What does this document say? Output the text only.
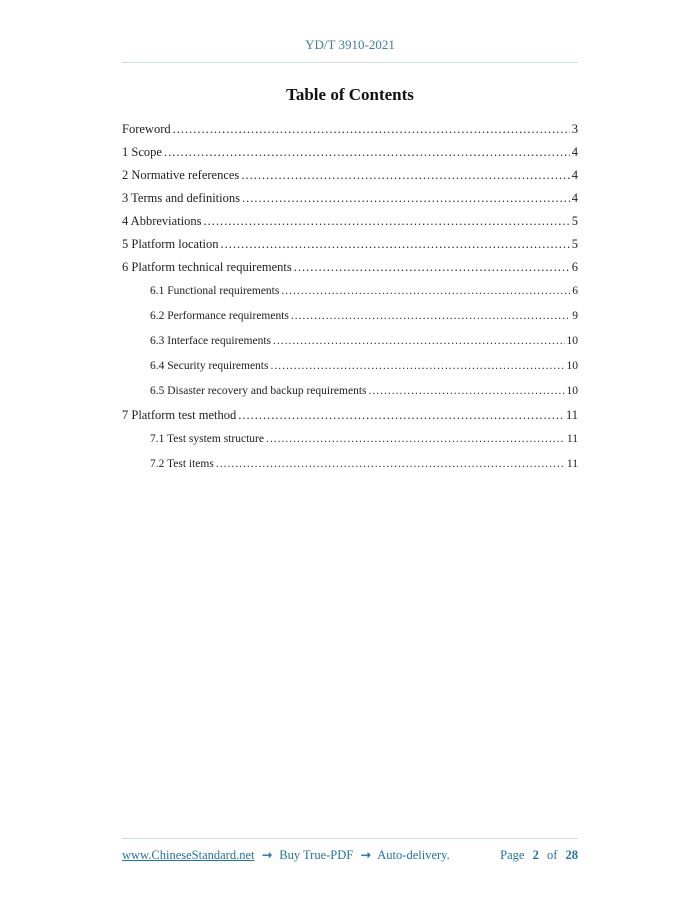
YD/T 3910-2021
Table of Contents
Foreword .....	3
1 Scope .....	4
2 Normative references .....	4
3 Terms and definitions .....	4
4 Abbreviations .....	5
5 Platform location .....	5
6 Platform technical requirements .....	6
6.1 Functional requirements .....	6
6.2 Performance requirements .....	9
6.3 Interface requirements .....	10
6.4 Security requirements .....	10
6.5 Disaster recovery and backup requirements .....	10
7 Platform test method .....	11
7.1 Test system structure .....	11
7.2 Test items .....	11
www.ChineseStandard.net → Buy True-PDF → Auto-delivery.	Page 2 of 28
